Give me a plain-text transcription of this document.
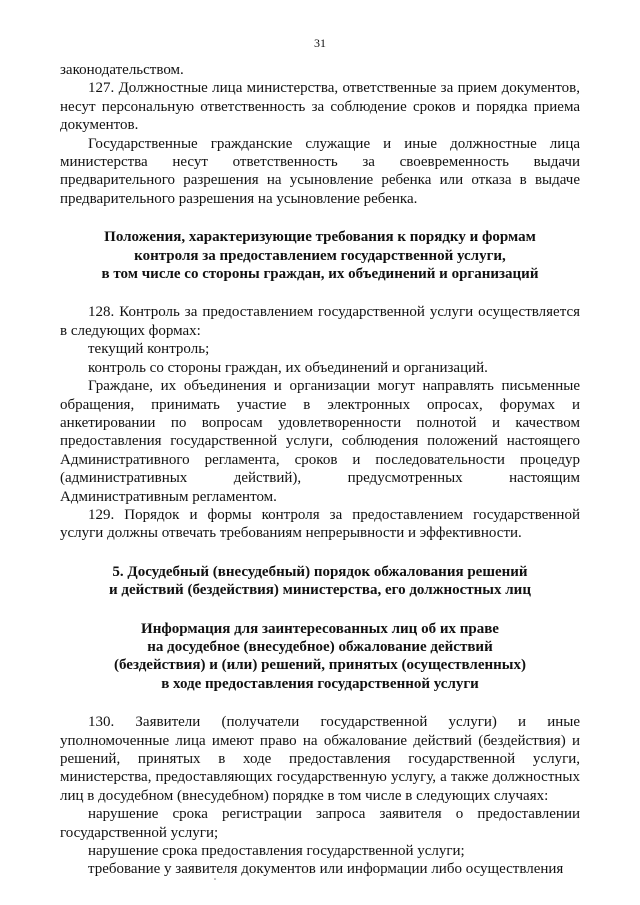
31

законодательством.

127. Должностные лица министерства, ответственные за прием документов, несут персональную ответственность за соблюдение сроков и порядка приема документов.

Государственные гражданские служащие и иные должностные лица министерства несут ответственность за своевременность выдачи предварительного разрешения на усыновление ребенка или отказа в выдаче предварительного разрешения на усыновление ребенка.

Положения, характеризующие требования к порядку и формам
контроля за предоставлением государственной услуги,
в том числе со стороны граждан, их объединений и организаций

128. Контроль за предоставлением государственной услуги осуществляется в следующих формах:

текущий контроль;

контроль со стороны граждан, их объединений и организаций.

Граждане, их объединения и организации могут направлять письменные обращения, принимать участие в электронных опросах, форумах и анкетировании по вопросам удовлетворенности полнотой и качеством предоставления государственной услуги, соблюдения положений настоящего Административного регламента, сроков и последовательности процедур (административных действий), предусмотренных настоящим Административным регламентом.

129. Порядок и формы контроля за предоставлением государственной услуги должны отвечать требованиям непрерывности и эффективности.

5. Досудебный (внесудебный) порядок обжалования решений
и действий (бездействия) министерства, его должностных лиц
Информация для заинтересованных лиц об их праве
на досудебное (внесудебное) обжалование действий
(бездействия) и (или) решений, принятых (осуществленных)
в ходе предоставления государственной услуги

130. Заявители (получатели государственной услуги) и иные уполномоченные лица имеют право на обжалование действий (бездействия) и решений, принятых в ходе предоставления государственной услуги, министерства, предоставляющих государственную услугу, а также должностных лиц в досудебном (внесудебном) порядке в том числе в следующих случаях:

нарушение срока регистрации запроса заявителя о предоставлении государственной услуги;

нарушение срока предоставления государственной услуги;

требование у заявителя документов или информации либо осуществления
